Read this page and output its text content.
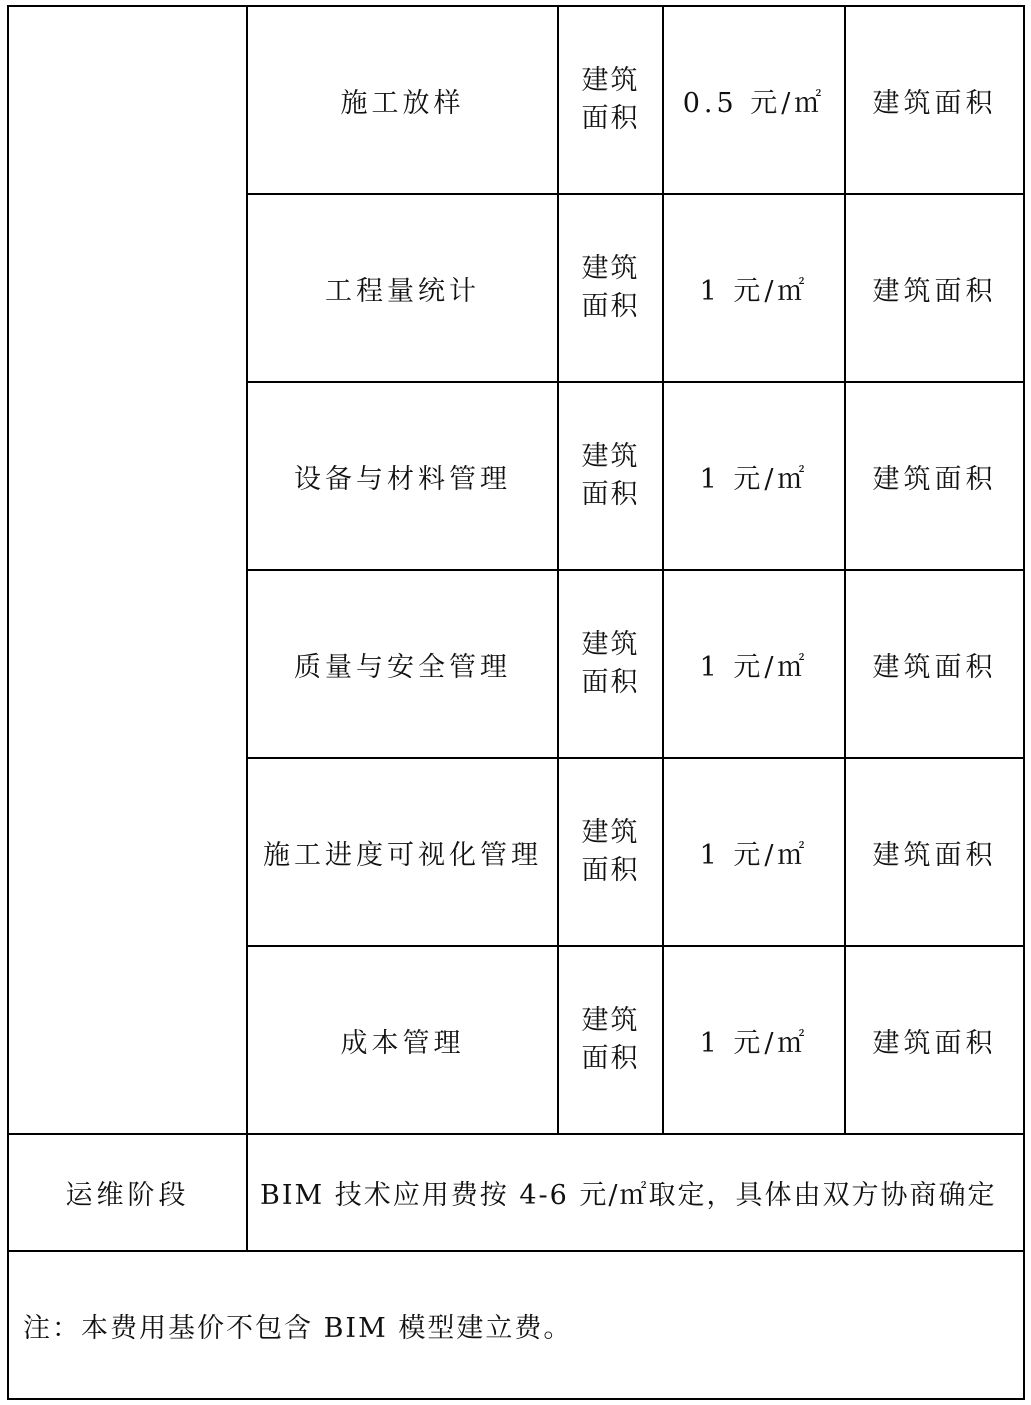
	施工放样	建筑面积	0.5 元/㎡	建筑面积
	工程量统计	建筑面积	1 元/㎡	建筑面积
	设备与材料管理	建筑面积	1 元/㎡	建筑面积
	质量与安全管理	建筑面积	1 元/㎡	建筑面积
	施工进度可视化管理	建筑面积	1 元/㎡	建筑面积
	成本管理	建筑面积	1 元/㎡	建筑面积
运维阶段	BIM 技术应用费按 4-6 元/㎡取定，具体由双方协商确定			
注：本费用基价不包含 BIM 模型建立费。				
